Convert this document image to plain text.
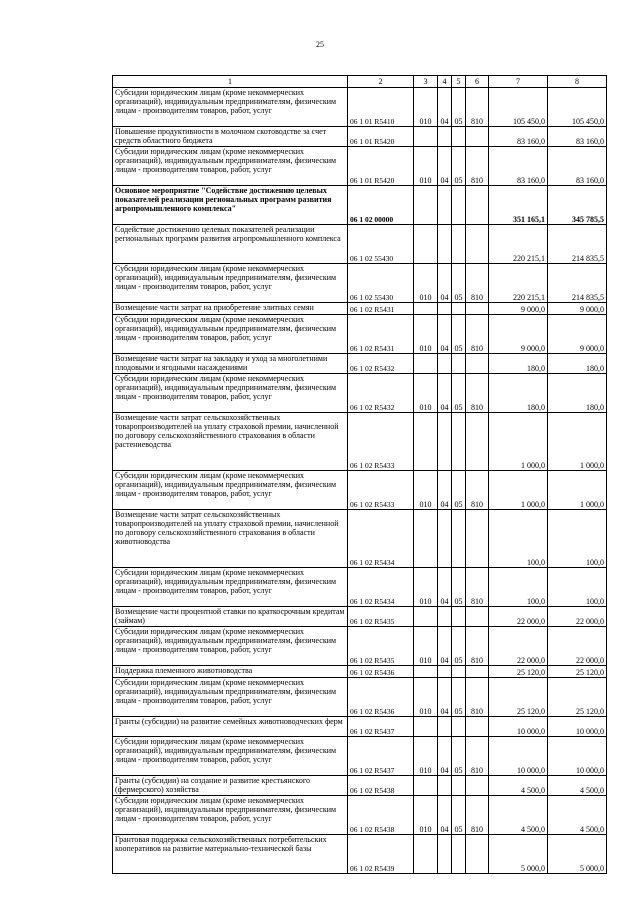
25
1	2	3	4	5	6	7	8
Субсидии юридическим лицам (кроме некоммерческих организаций), индивидуальным предпринимателям, физическим лицам - производителям товаров, работ, услуг	06 1 01 R5410	010	04	05	810	105 450,0	105 450,0
Повышение продуктивности в молочном скотоводстве за счет средств областного бюджета	06 1 01 R5420					83 160,0	83 160,0
Субсидии юридическим лицам (кроме некоммерческих организаций), индивидуальным предпринимателям, физическим лицам - производителям товаров, работ, услуг	06 1 01 R5420	010	04	05	810	83 160,0	83 160,0
Основное мероприятие "Содействие достижению целевых показателей реализации региональных программ развития агропромышленного комплекса"	06 1 02 00000					351 165,1	345 785,5
Содействие достижению целевых показателей реализации региональных программ развития агропромышленного комплекса	06 1 02 55430					220 215,1	214 835,5
Субсидии юридическим лицам (кроме некоммерческих организаций), индивидуальным предпринимателям, физическим лицам - производителям товаров, работ, услуг	06 1 02 55430	010	04	05	810	220 215,1	214 835,5
Возмещение части затрат на приобретение элитных семян	06 1 02 R5431					9 000,0	9 000,0
Субсидии юридическим лицам (кроме некоммерческих организаций), индивидуальным предпринимателям, физическим лицам - производителям товаров, работ, услуг	06 1 02 R5431	010	04	05	810	9 000,0	9 000,0
Возмещение части затрат на закладку и уход за многолетними плодовыми и ягодными насаждениями	06 1 02 R5432					180,0	180,0
Субсидии юридическим лицам (кроме некоммерческих организаций), индивидуальным предпринимателям, физическим лицам - производителям товаров, работ, услуг	06 1 02 R5432	010	04	05	810	180,0	180,0
Возмещение части затрат сельскохозяйственных товаропроизводителей на уплату страховой премии, начисленной по договору сельскохозяйственного страхования в области растениеводства	06 1 02 R5433					1 000,0	1 000,0
Субсидии юридическим лицам (кроме некоммерческих организаций), индивидуальным предпринимателям, физическим лицам - производителям товаров, работ, услуг	06 1 02 R5433	010	04	05	810	1 000,0	1 000,0
Возмещение части затрат сельскохозяйственных товаропроизводителей на уплату страховой премии, начисленной по договору сельскохозяйственного страхования в области животноводства	06 1 02 R5434					100,0	100,0
Субсидии юридическим лицам (кроме некоммерческих организаций), индивидуальным предпринимателям, физическим лицам - производителям товаров, работ, услуг	06 1 02 R5434	010	04	05	810	100,0	100,0
Возмещение части процентной ставки по краткосрочным кредитам (займам)	06 1 02 R5435					22 000,0	22 000,0
Субсидии юридическим лицам (кроме некоммерческих организаций), индивидуальным предпринимателям, физическим лицам - производителям товаров, работ, услуг	06 1 02 R5435	010	04	05	810	22 000,0	22 000,0
Поддержка племенного животноводства	06 1 02 R5436					25 120,0	25 120,0
Субсидии юридическим лицам (кроме некоммерческих организаций), индивидуальным предпринимателям, физическим лицам - производителям товаров, работ, услуг	06 1 02 R5436	010	04	05	810	25 120,0	25 120,0
Гранты (субсидии) на развитие семейных животноводческих ферм	06 1 02 R5437					10 000,0	10 000,0
Субсидии юридическим лицам (кроме некоммерческих организаций), индивидуальным предпринимателям, физическим лицам - производителям товаров, работ, услуг	06 1 02 R5437	010	04	05	810	10 000,0	10 000,0
Гранты (субсидии) на создание и развитие крестьянского (фермерского) хозяйства	06 1 02 R5438					4 500,0	4 500,0
Субсидии юридическим лицам (кроме некоммерческих организаций), индивидуальным предпринимателям, физическим лицам - производителям товаров, работ, услуг	06 1 02 R5438	010	04	05	810	4 500,0	4 500,0
Грантовая поддержка сельскохозяйственных потребительских кооперативов на развитие материально-технической базы	06 1 02 R5439					5 000,0	5 000,0
